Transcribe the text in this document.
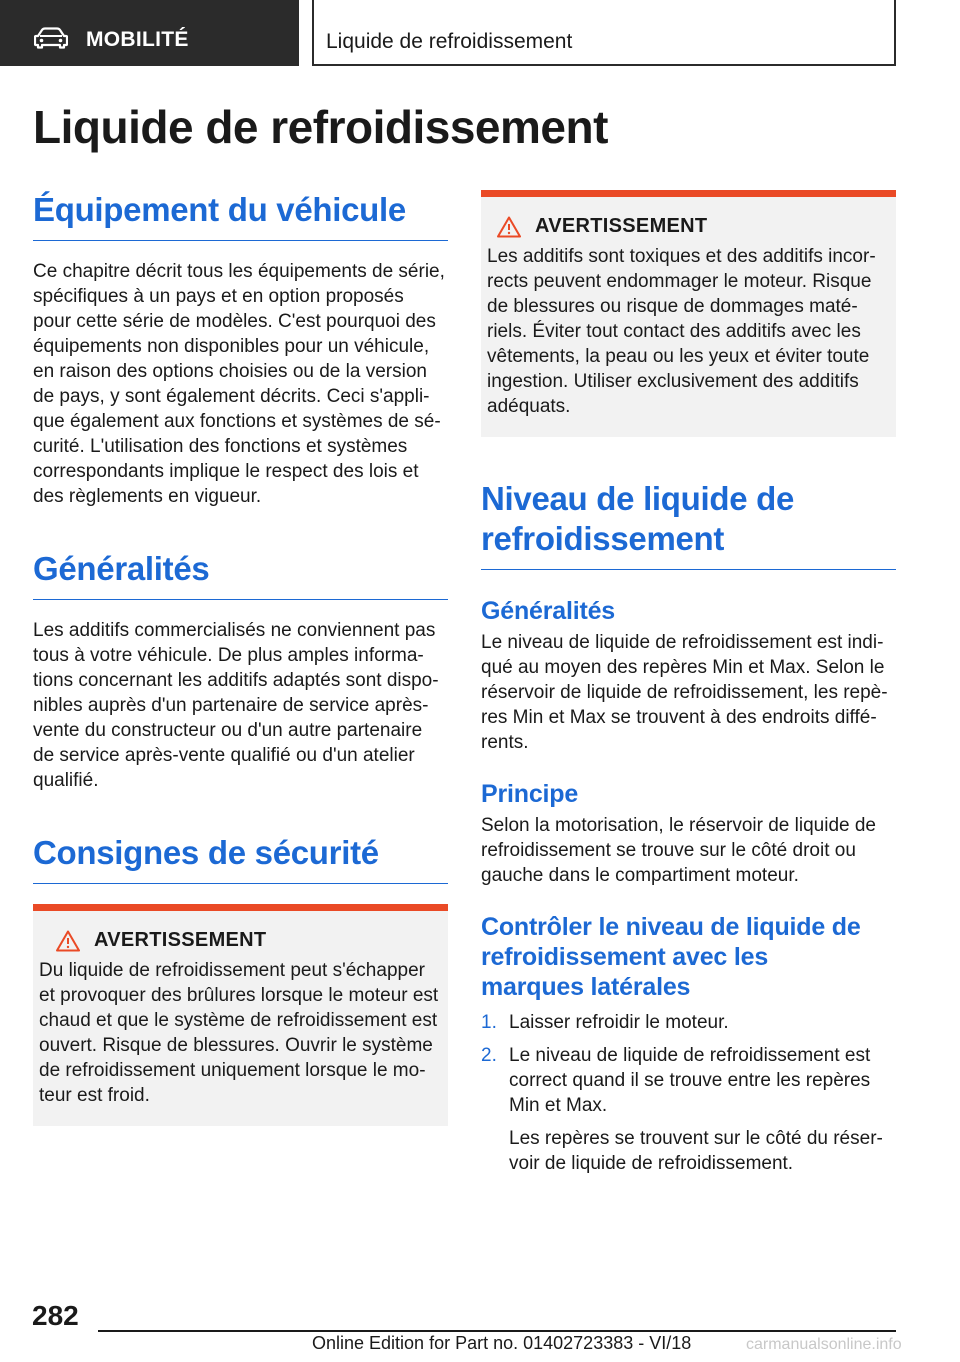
MOBILITÉ	Liquide de refroidissement
Liquide de refroidissement
Équipement du véhicule

Ce chapitre décrit tous les équipements de série,

spécifiques à un pays et en option proposés

pour cette série de modèles. C'est pourquoi des

équipements non disponibles pour un véhicule,

en raison des options choisies ou de la version

de pays, y sont également décrits. Ceci s'appli‐

que également aux fonctions et systèmes de sé‐

curité. L'utilisation des fonctions et systèmes

correspondants implique le respect des lois et

des règlements en vigueur.

Généralités

Les additifs commercialisés ne conviennent pas

tous à votre véhicule. De plus amples informa‐

tions concernant les additifs adaptés sont dispo‐

nibles auprès d'un partenaire de service après-

vente du constructeur ou d'un autre partenaire

de service après-vente qualifié ou d'un atelier

qualifié.

Consignes de sécurité
AVERTISSEMENT

Du liquide de refroidissement peut s'échapper

et provoquer des brûlures lorsque le moteur est

chaud et que le système de refroidissement est

ouvert. Risque de blessures. Ouvrir le système

de refroidissement uniquement lorsque le mo‐

teur est froid.

AVERTISSEMENT

Les additifs sont toxiques et des additifs incor‐

rects peuvent endommager le moteur. Risque

de blessures ou risque de dommages maté‐

riels. Éviter tout contact des additifs avec les

vêtements, la peau ou les yeux et éviter toute

ingestion. Utiliser exclusivement des additifs

adéquats.

Niveau de liquide de
refroidissement
Généralités

Le niveau de liquide de refroidissement est indi‐

qué au moyen des repères Min et Max. Selon le

réservoir de liquide de refroidissement, les repè‐

res Min et Max se trouvent à des endroits diffé‐

rents.

Principe

Selon la motorisation, le réservoir de liquide de

refroidissement se trouve sur le côté droit ou

gauche dans le compartiment moteur.

Contrôler le niveau de liquide de
refroidissement avec les
marques latérales
1. Laisser refroidir le moteur.
2. Le niveau de liquide de refroidissement est
correct quand il se trouve entre les repères
Min et Max.
Les repères se trouvent sur le côté du réser‐
voir de liquide de refroidissement.
282
Online Edition for Part no. 01402723383 - VI/18	carmanualsonline.info
